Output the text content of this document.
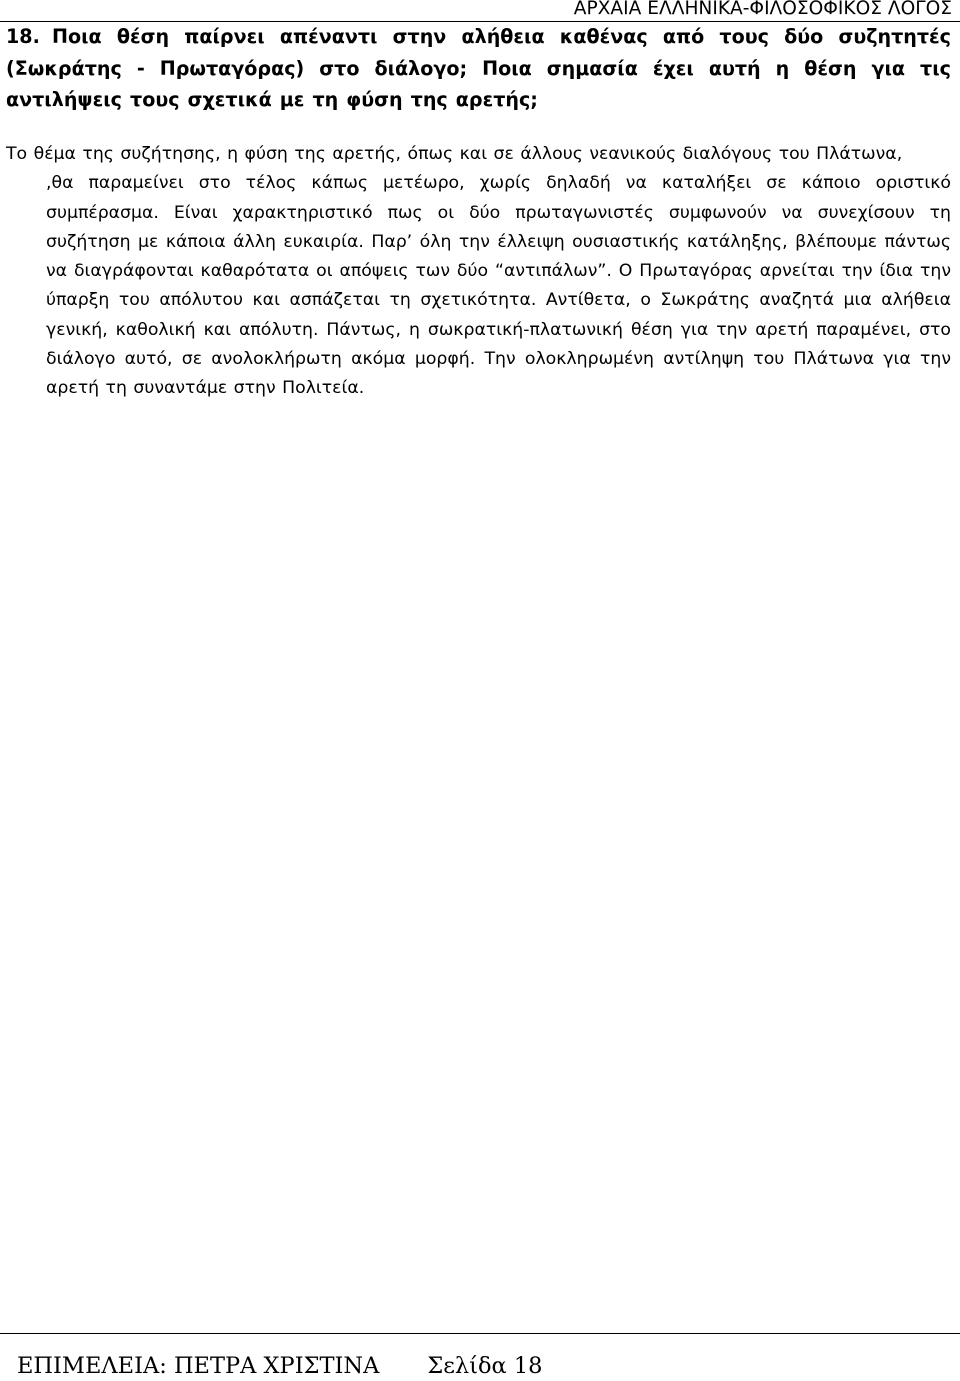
ΑΡΧΑΙΑ ΕΛΛΗΝΙΚΑ-ΦΙΛΟΣΟΦΙΚΟΣ ΛΟΓΟΣ
18. Ποια θέση παίρνει απέναντι στην αλήθεια καθένας από τους δύο συζητητές (Σωκράτης - Πρωταγόρας) στο διάλογο; Ποια σημασία έχει αυτή η θέση για τις αντιλήψεις τους σχετικά με τη φύση της αρετής;
Το θέμα της συζήτησης, η φύση της αρετής, όπως και σε άλλους νεανικούς διαλόγους του Πλάτωνα,
,θα παραμείνει στο τέλος κάπως μετέωρο, χωρίς δηλαδή να καταλήξει σε κάποιο οριστικό συμπέρασμα. Είναι χαρακτηριστικό πως οι δύο πρωταγωνιστές συμφωνούν να συνεχίσουν τη συζήτηση με κάποια άλλη ευκαιρία. Παρ’ όλη την έλλειψη ουσιαστικής κατάληξης, βλέπουμε πάντως να διαγράφονται καθαρότατα οι απόψεις των δύο “αντιπάλων”. Ο Πρωταγόρας αρνείται την ίδια την ύπαρξη του απόλυτου και ασπάζεται τη σχετικότητα. Αντίθετα, ο Σωκράτης αναζητά μια αλήθεια γενική, καθολική και απόλυτη. Πάντως, η σωκρατική-πλατωνική θέση για την αρετή παραμένει, στο διάλογο αυτό, σε ανολοκλήρωτη ακόμα μορφή. Την ολοκληρωμένη αντίληψη του Πλάτωνα για την αρετή τη συναντάμε στην Πολιτεία.
ΕΠΙΜΕΛΕΙΑ: ΠΕΤΡΑ ΧΡΙΣΤΙΝΑ Σελίδα 18
